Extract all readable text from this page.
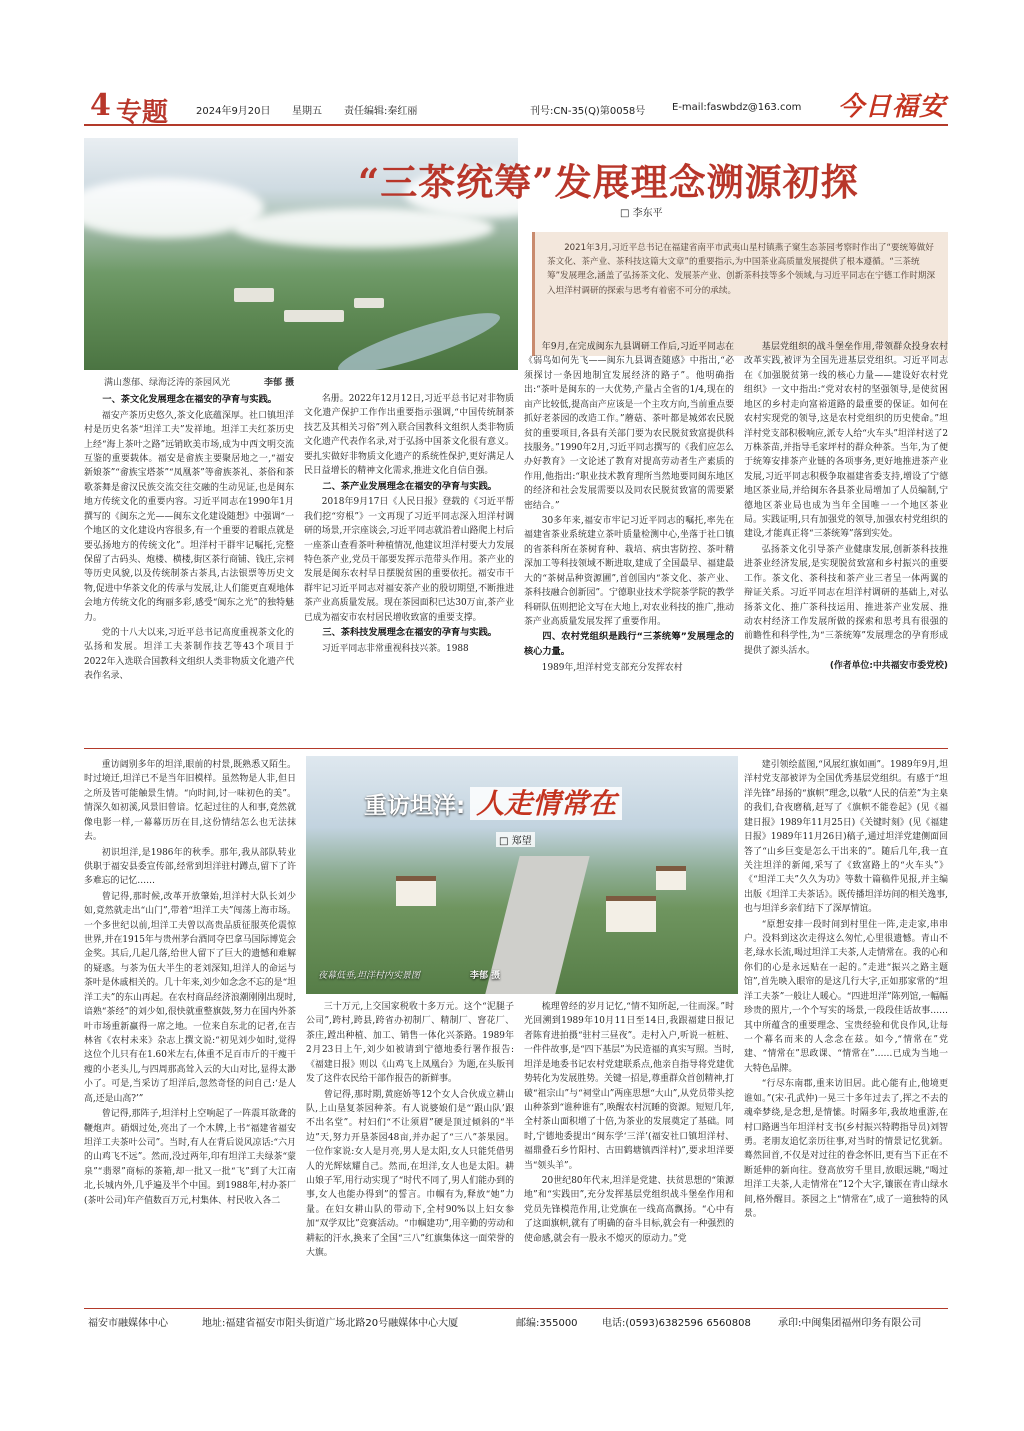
4 专题	2024年9月20日 星期五 责任编辑:秦红丽	刊号:CN-35(Q)第0058号	E-mail:faswbdz@163.com 今日福安
满山葱郁、绿海泛涛的茶园风光	李郁 摄
“三茶统筹”发展理念溯源初探
□ 李东平
2021年3月,习近平总书记在福建省南平市武夷山星村镇燕子窠生态茶园考察时作出了“要统筹做好茶文化、茶产业、茶科技这篇大文章”的重要指示,为中国茶业高质量发展提供了根本遵循。“三茶统筹”发展理念,涵盖了弘扬茶文化、发展茶产业、创新茶科技等多个领域,与习近平同志在宁德工作时期深入坦洋村调研的探索与思考有着密不可分的承续。
一、茶文化发展理念在福安的孕育与实践。

福安产茶历史悠久,茶文化底蕴深厚。社口镇坦洋村是历史名茶“坦洋工夫”发祥地。坦洋工夫红茶历史上经“海上茶叶之路”远销欧美市场,成为中西文明交流互鉴的重要载体。福安是畲族主要聚居地之一,“福安新娘茶”“畲族宝塔茶”“凤凰茶”等畲族茶礼、茶俗和茶歌茶舞是畲汉民族交流交往交融的生动见证,也是闽东地方传统文化的重要内容。习近平同志在1990年1月撰写的《闽东之光——闽东文化建设随想》中强调“一个地区的文化建设内容很多,有一个重要的着眼点就是要弘扬地方的传统文化”。坦洋村干群牢记嘱托,完整保留了古码头、炮楼、横楼,街区茶行商铺、钱庄,宗祠等历史风貌,以及传统制茶古茶具,古法银票等历史文物,促进中华茶文化的传承与发展,让人们能更直观地体会地方传统文化的绚丽多彩,感受“闽东之光”的独特魅力。

党的十八大以来,习近平总书记高度重视茶文化的弘扬和发展。坦洋工夫茶制作技艺等43个项目于2022年入选联合国教科文组织人类非物质文化遗产代表作名录、

名册。2022年12月12日,习近平总书记对非物质文化遗产保护工作作出重要指示强调,“中国传统制茶技艺及其相关习俗”列入联合国教科文组织人类非物质文化遗产代表作名录,对于弘扬中国茶文化很有意义。要扎实做好非物质文化遗产的系统性保护,更好满足人民日益增长的精神文化需求,推进文化自信自强。

二、茶产业发展理念在福安的孕育与实践。

2018年9月17日《人民日报》登载的《习近平帮我们挖“穷根”》一文再现了习近平同志深入坦洋村调研的场景,开宗座谈会,习近平同志就沿着山路爬上村后一座茶山查看茶叶种植情况,他建议坦洋村要大力发展特色茶产业,党员干部要发挥示范带头作用。茶产业的发展是闽东农村早日摆脱贫困的重要依托。福安市干群牢记习近平同志对福安茶产业的殷切期望,不断推进茶产业高质量发展。现在茶园面积已达30万亩,茶产业已成为福安市农村居民增收致富的重要支撑。

三、茶科技发展理念在福安的孕育与实践。

习近平同志非常重视科技兴茶。1988

年9月,在完成闽东九县调研工作后,习近平同志在《弱鸟如何先飞——闽东九县调查随感》中指出,“必须探讨一条因地制宜发展经济的路子”。他明确指出:“茶叶是闽东的一大优势,产量占全省的1/4,现在的亩产比较低,提高亩产应该是一个主攻方向,当前重点要抓好老茶园的改造工作。”蘑菇、茶叶都是城郊农民脱贫的重要项目,各县有关部门要为农民脱贫致富提供科技服务。”1990年2月,习近平同志撰写的《我们应怎么办好教育》一文论述了教育对提高劳动者生产素质的作用,他指出:“职业技术教育理所当然地要同闽东地区的经济和社会发展需要以及同农民脱贫致富的需要紧密结合。”

30多年来,福安市牢记习近平同志的嘱托,率先在福建省茶业系统建立茶叶质量检测中心,坐落于社口镇的省茶科所在茶树育种、栽培、病虫害防控、茶叶精深加工等科技领域不断进取,建成了全国最早、福建最大的“茶树品种资源圃”,首创国内“茶文化、茶产业、茶科技融合创新园”。宁德职业技术学院茶学院的教学科研队伍则把论文写在大地上,对农业科技的推广,推动茶产业高质量发展发挥了重要作用。

四、农村党组织是践行“三茶统筹”发展理念的核心力量。

1989年,坦洋村党支部充分发挥农村

基层党组织的战斗堡垒作用,带领群众投身农村改革实践,被评为全国先进基层党组织。习近平同志在《加强脱贫第一线的核心力量——建设好农村党组织》一文中指出:“党对农村的坚强领导,是使贫困地区的乡村走向富裕道路的最重要的保证。如何在农村实现党的领导,这是农村党组织的历史使命。”坦洋村党支部积极响应,派专人给“火车头”坦洋村送了2万株茶苗,并指导毛家坪村的群众种茶。当年,为了便于统筹安排茶产业链的各项事务,更好地推进茶产业发展,习近平同志积极争取福建省委支持,增设了宁德地区茶业局,并给闽东各县茶业局增加了人员编制,宁德地区茶业局也成为当年全国唯一一个地区茶业局。实践证明,只有加强党的领导,加强农村党组织的建设,才能真正将“三茶统筹”落到实处。

弘扬茶文化引导茶产业健康发展,创新茶科技推进茶业经济发展,是实现脱贫致富和乡村振兴的重要工作。茶文化、茶科技和茶产业三者呈一体两翼的辩证关系。习近平同志在坦洋村调研的基础上,对弘扬茶文化、推广茶科技运用、推进茶产业发展、推动农村经济工作发展所做的探索和思考具有很强的前瞻性和科学性,为“三茶统筹”发展理念的孕育形成提供了源头活水。

(作者单位:中共福安市委党校)

重访坦洋: 人走情常在
□ 郑望
夜幕低垂,坦洋村内实景图	李郁 摄

重访阔别多年的坦洋,眼前的村景,既熟悉又陌生。时过境迁,坦洋已不是当年旧模样。虽然物是人非,但日之所及皆可能触景生情。“向时间,讨一味初色的美”。情深久如初溪,风景旧曾谙。忆起过往的人和事,竟然就像电影一样,一幕幕历历在目,这份情结怎么也无法抹去。

初识坦洋,是1986年的秋季。那年,我从部队转业供职于福安县委宣传部,经常到坦洋驻村蹲点,留下了许多难忘的记忆……

曾记得,那时候,改革开放肇始,坦洋村大队长刘少如,竟然就走出“山门”,带着“坦洋工夫”闯荡上海市场。一个多世纪以前,坦洋工夫曾以高贵品质征服英伦震惊世界,并在1915年与贵州茅台酒同夺巴拿马国际博览会金奖。其后,几起几落,给世人留下了巨大的遗憾和难解的疑惑。与茶为伍大半生的老刘深知,坦洋人的命运与茶叶是休戚相关的。几十年来,刘少如念念不忘的是“坦洋工夫”的东山再起。在农村商品经济浪潮刚刚出现时,谙熟“茶经”的刘少如,很快就重整旗鼓,努力在国内外茶叶市场重新赢得一席之地。一位来自东北的记者,在吉林省《农村未来》杂志上撰文说:“初见刘少如时,觉得这位个儿只有在1.60米左右,体重不足百市斤的干瘦干瘦的小老头儿,与四周那高耸入云的大山对比,显得太渺小了。可是,当采访了坦洋后,忽然奇怪的问自己:‘是人高,还是山高?’”

曾记得,那阵子,坦洋村上空响起了一阵震耳欲聋的鞭炮声。硝烟过处,亮出了一个木牌,上书“福建省福安坦洋工夫茶叶公司”。当时,有人在背后说风凉话:“六月的山鸡飞不远”。然而,没过两年,印有坦洋工夫绿茶“蒙泉”“翡翠”商标的茶箱,却一批又一批“飞”到了大江南北,长城内外,几乎遍及半个中国。到1988年,村办茶厂(茶叶公司)年产值数百万元,村集体、村民收入各二

三十万元,上交国家税收十多万元。这个“泥腿子公司”,跨村,跨县,跨省办初制厂、精制厂、窨花厂、茶庄,蹚出种植、加工、销售一体化兴茶路。1989年2月23日上午,刘少如被请到宁德地委行署作报告:《福建日报》则以《山鸡飞上凤凰台》为题,在头版刊发了这件农民给干部作报告的新鲜事。

曾记得,那时期,黄庭娇等12个女人合伙成立耕山队,上山垦复茶园种茶。有人说婆娘们是“‘跟山队’跟不出名堂”。村妇们“不让须眉”硬是顶过倾斜的“半边”天,努力开垦茶园48亩,并办起了“三八”茶果园。一位作家说:女人是月亮,男人是太阳,女人只能凭借男人的光辉炫耀自己。然而,在坦洋,女人也是太阳。耕山娘子军,用行动实现了“时代不同了,男人们能办到的事,女人也能办得到”的誓言。巾帼有为,释放“她”力量。在妇女耕山队的带动下,全村90%以上妇女参加“双学双比”竞赛活动。“巾帼建功”,用辛勤的劳动和耕耘的汗水,换来了全国“三八”红旗集体这一面荣誉的大旗。

梳理曾经的岁月记忆,“情不知所起,一往而深。”时光回溯到1989年10月11日至14日,我跟福建日报记者陈育进拍摄“驻村三昼夜”。走村入户,听说一桩桩、一件件故事,是“四下基层”为民造福的真实写照。当时,坦洋是地委书记农村党建联系点,他亲自指导将党建优势转化为发展胜势。关键一招是,尊重群众首创精神,打破“祖宗山”与“祠堂山”两座思想“大山”,从党员带头挖山种茶到“谁种谁有”,唤醒农村沉睡的资源。短短几年,全村茶山面积增了十倍,为茶业的发展奠定了基础。同时,宁德地委提出“闽东学‘三洋’(福安社口镇坦洋村、福鼎叠石乡竹阳村、古田鹤塘镇西洋村)”,要求坦洋要当“领头羊”。

20世纪80年代末,坦洋是党建、扶贫思想的“策源地”和“实践田”,充分发挥基层党组织战斗堡垒作用和党员先锋模范作用,让党旗在一线高高飘扬。“心中有了这面旗帜,就有了明确的奋斗目标,就会有一种强烈的使命感,就会有一股永不熄灭的原动力。”党

建引领绘蓝图,“风展红旗如画”。1989年9月,坦洋村党支部被评为全国优秀基层党组织。有感于“坦洋先锋”昂扬的“旗帜”理念,以敬“人民的信差”为主臬的我们,旮夜磨稿,赶写了《旗帜不能卷起》(见《福建日报》1989年11月25日)《关键时刻》(见《福建日报》1989年11月26日)稿子,通过坦洋党建侧面回答了“山乡巨变是怎么干出来的”。随后几年,我一直关注坦洋的新闻,采写了《致富路上的“火车头”》《“坦洋工夫”久久为功》等数十篇稿件见报,并主编出版《坦洋工夫茶话》。既传播坦洋坊间的相关逸事,也与坦洋乡亲们结下了深厚情谊。

“原想安排一段时间到村里住一阵,走走家,串串户。没料到这次走得这么匆忙,心里很遗憾。青山不老,绿水长流,喝过坦洋工夫茶,人走情常在。我的心和你们的心是永远贴在一起的。”走进“振兴之路主题馆”,首先映入眼帘的是这几行大字,正如那家常的“坦洋工夫茶”一般让人暖心。“四进坦洋”陈列馆,一幅幅珍贵的照片,一个个写实的场景,一段段佳话故事……其中所蕴含的重要理念、宝贵经验和优良作风,让每一个幕名而来的人念念在兹。如今,“情常在”党建、“情常在”思政课、“情常在”……已成为当地一大特色品牌。

“行尽东南郡,重来访旧居。此心能有止,他境更谁如。”(宋·孔武仲)一晃三十多年过去了,挥之不去的魂牵梦绕,是念想,是情愫。时隔多年,我故地重游,在村口路遇当年坦洋村支书(乡村振兴特聘指导员)刘智勇。老朋友追忆亲历往事,对当时的情景记忆犹新。蓦然回首,不仅是对过往的眷念怀旧,更有当下正在不断延伸的新向往。登高放穷千里目,放眼远眺,“喝过坦洋工夫茶,人走情常在”12个大字,镶嵌在青山绿水间,格外醒目。茶园之上“情常在”,成了一道独特的风景。

福安市融媒体中心	地址:福建省福安市阳头街道广场北路20号融媒体中心大厦	邮编:355000 电话:(0593)6382596 6560808	承印:中闽集团福州印务有限公司
